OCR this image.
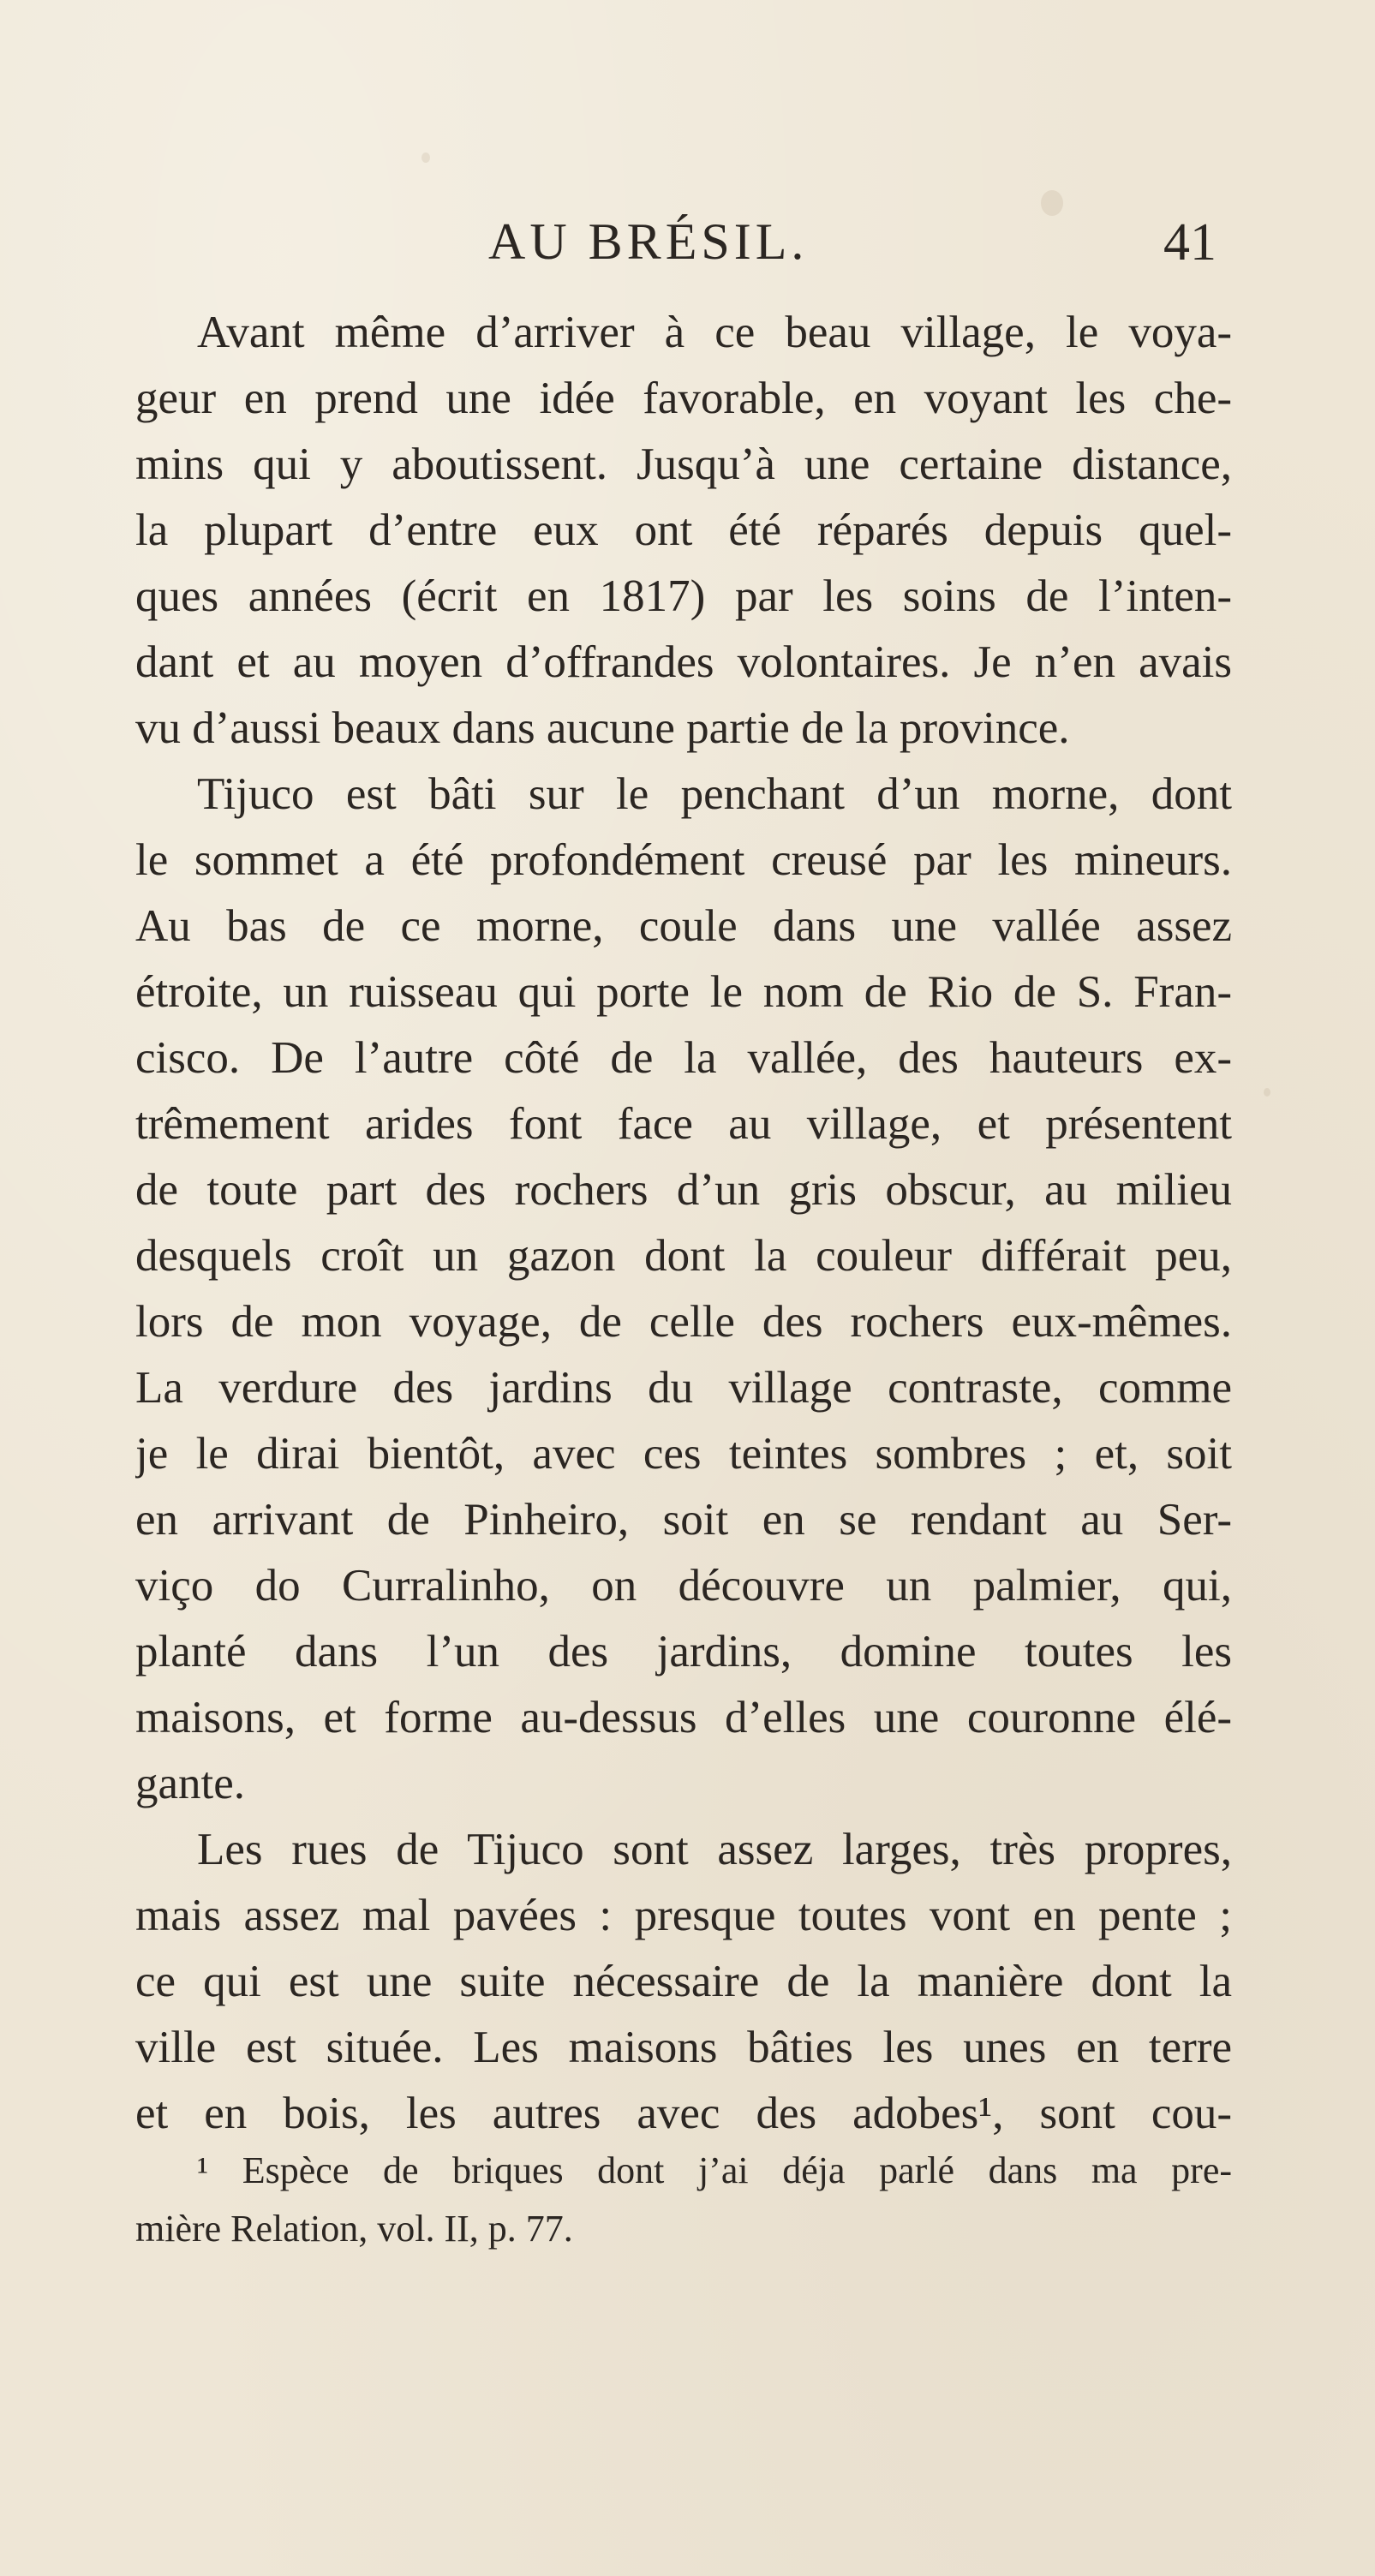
AU BRÉSIL.	41
Avant même d’arriver à ce beau village, le voya-
geur en prend une idée favorable, en voyant les che-
mins qui y aboutissent. Jusqu’à une certaine distance,
la plupart d’entre eux ont été réparés depuis quel-
ques années (écrit en 1817) par les soins de l’inten-
dant et au moyen d’offrandes volontaires. Je n’en avais
vu d’aussi beaux dans aucune partie de la province.
Tijuco est bâti sur le penchant d’un morne, dont
le sommet a été profondément creusé par les mineurs.
Au bas de ce morne, coule dans une vallée assez
étroite, un ruisseau qui porte le nom de Rio de S. Fran-
cisco. De l’autre côté de la vallée, des hauteurs ex-
trêmement arides font face au village, et présentent
de toute part des rochers d’un gris obscur, au milieu
desquels croît un gazon dont la couleur différait peu,
lors de mon voyage, de celle des rochers eux-mêmes.
La verdure des jardins du village contraste, comme
je le dirai bientôt, avec ces teintes sombres ; et, soit
en arrivant de Pinheiro, soit en se rendant au Ser-
viço do Curralinho, on découvre un palmier, qui,
planté dans l’un des jardins, domine toutes les
maisons, et forme au-dessus d’elles une couronne élé-
gante.
Les rues de Tijuco sont assez larges, très propres,
mais assez mal pavées : presque toutes vont en pente ;
ce qui est une suite nécessaire de la manière dont la
ville est située. Les maisons bâties les unes en terre
et en bois, les autres avec des adobes¹, sont cou-
¹ Espèce de briques dont j’ai déja parlé dans ma pre-
mière Relation, vol. II, p. 77.
